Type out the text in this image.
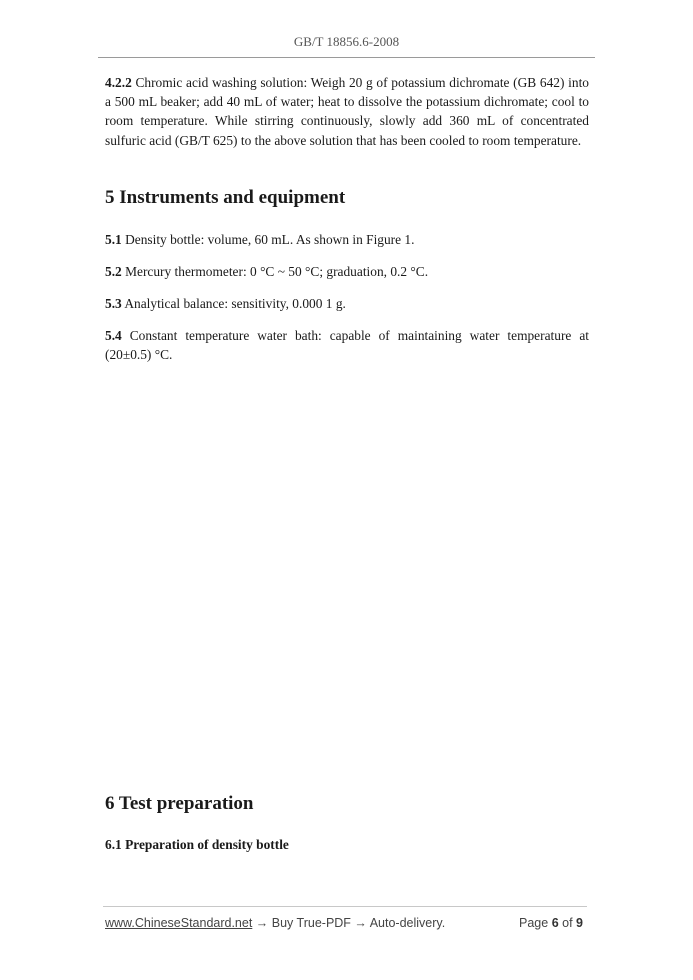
GB/T 18856.6-2008
4.2.2 Chromic acid washing solution: Weigh 20 g of potassium dichromate (GB 642) into a 500 mL beaker; add 40 mL of water; heat to dissolve the potassium dichromate; cool to room temperature. While stirring continuously, slowly add 360 mL of concentrated sulfuric acid (GB/T 625) to the above solution that has been cooled to room temperature.
5 Instruments and equipment
5.1 Density bottle: volume, 60 mL. As shown in Figure 1.
5.2 Mercury thermometer: 0 °C ~ 50 °C; graduation, 0.2 °C.
5.3 Analytical balance: sensitivity, 0.000 1 g.
5.4 Constant temperature water bath: capable of maintaining water temperature at (20±0.5) °C.
6 Test preparation
6.1 Preparation of density bottle
www.ChineseStandard.net → Buy True-PDF → Auto-delivery.	Page 6 of 9
